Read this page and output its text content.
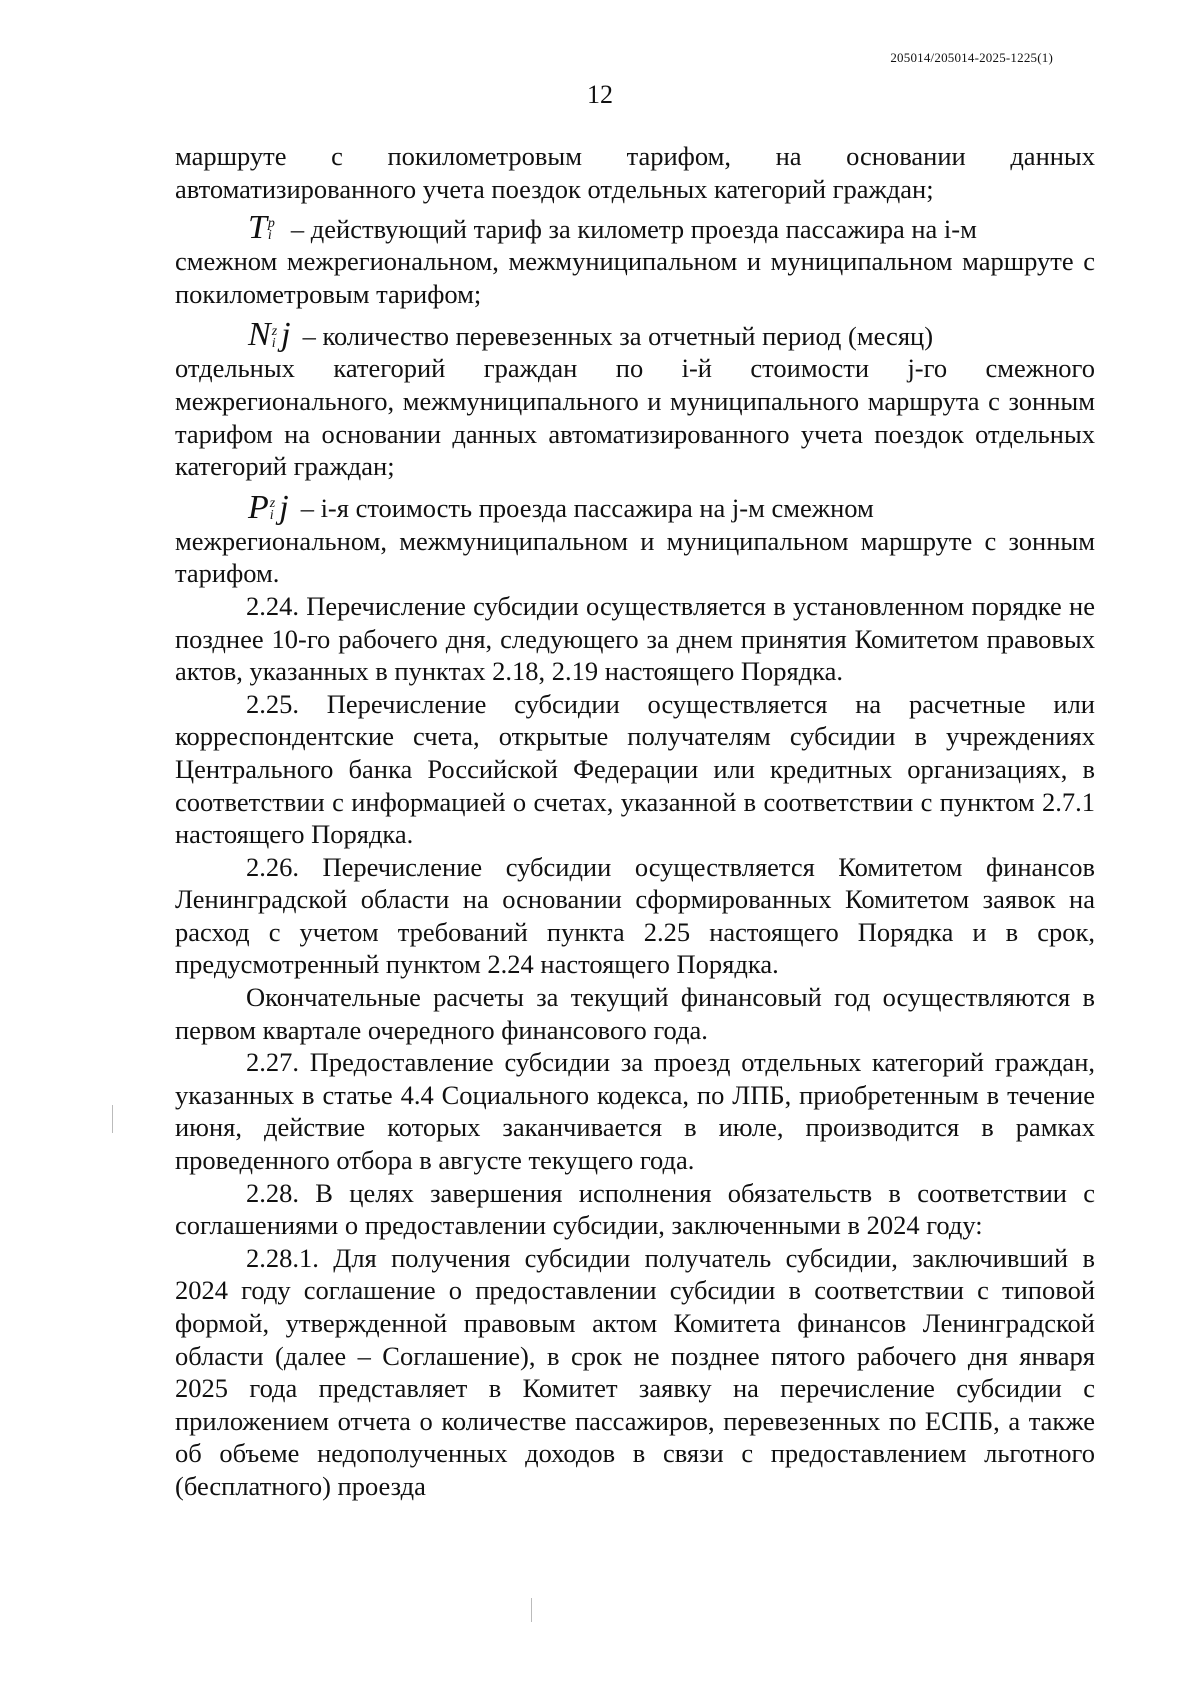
205014/205014-2025-1225(1)
12

маршруте с покилометровым тарифом, на основании данных автоматизированного учета поездок отдельных категорий граждан;

T p
i – действующий тариф за километр проезда пассажира на i-м

смежном межрегиональном, межмуниципальном и муниципальном маршруте с покилометровым тарифом;

N z
i j – количество перевезенных за отчетный период (месяц)

отдельных категорий граждан по i-й стоимости j-го смежного межрегионального, межмуниципального и муниципального маршрута с зонным тарифом на основании данных автоматизированного учета поездок отдельных категорий граждан;

P z
i j – i-я стоимость проезда пассажира на j-м смежном

межрегиональном, межмуниципальном и муниципальном маршруте с зонным тарифом.

2.24. Перечисление субсидии осуществляется в установленном порядке не позднее 10-го рабочего дня, следующего за днем принятия Комитетом правовых актов, указанных в пунктах 2.18, 2.19 настоящего Порядка.

2.25. Перечисление субсидии осуществляется на расчетные или корреспондентские счета, открытые получателям субсидии в учреждениях Центрального банка Российской Федерации или кредитных организациях, в соответствии с информацией о счетах, указанной в соответствии с пунктом 2.7.1 настоящего Порядка.

2.26. Перечисление субсидии осуществляется Комитетом финансов Ленинградской области на основании сформированных Комитетом заявок на расход с учетом требований пункта 2.25 настоящего Порядка и в срок, предусмотренный пунктом 2.24 настоящего Порядка.

Окончательные расчеты за текущий финансовый год осуществляются в первом квартале очередного финансового года.

2.27. Предоставление субсидии за проезд отдельных категорий граждан, указанных в статье 4.4 Социального кодекса, по ЛПБ, приобретенным в течение июня, действие которых заканчивается в июле, производится в рамках проведенного отбора в августе текущего года.

2.28. В целях завершения исполнения обязательств в соответствии с соглашениями о предоставлении субсидии, заключенными в 2024 году:

2.28.1. Для получения субсидии получатель субсидии, заключивший в 2024 году соглашение о предоставлении субсидии в соответствии с типовой формой, утвержденной правовым актом Комитета финансов Ленинградской области (далее – Соглашение), в срок не позднее пятого рабочего дня января 2025 года представляет в Комитет заявку на перечисление субсидии с приложением отчета о количестве пассажиров, перевезенных по ЕСПБ, а также об объеме недополученных доходов в связи с предоставлением льготного (бесплатного) проезда
